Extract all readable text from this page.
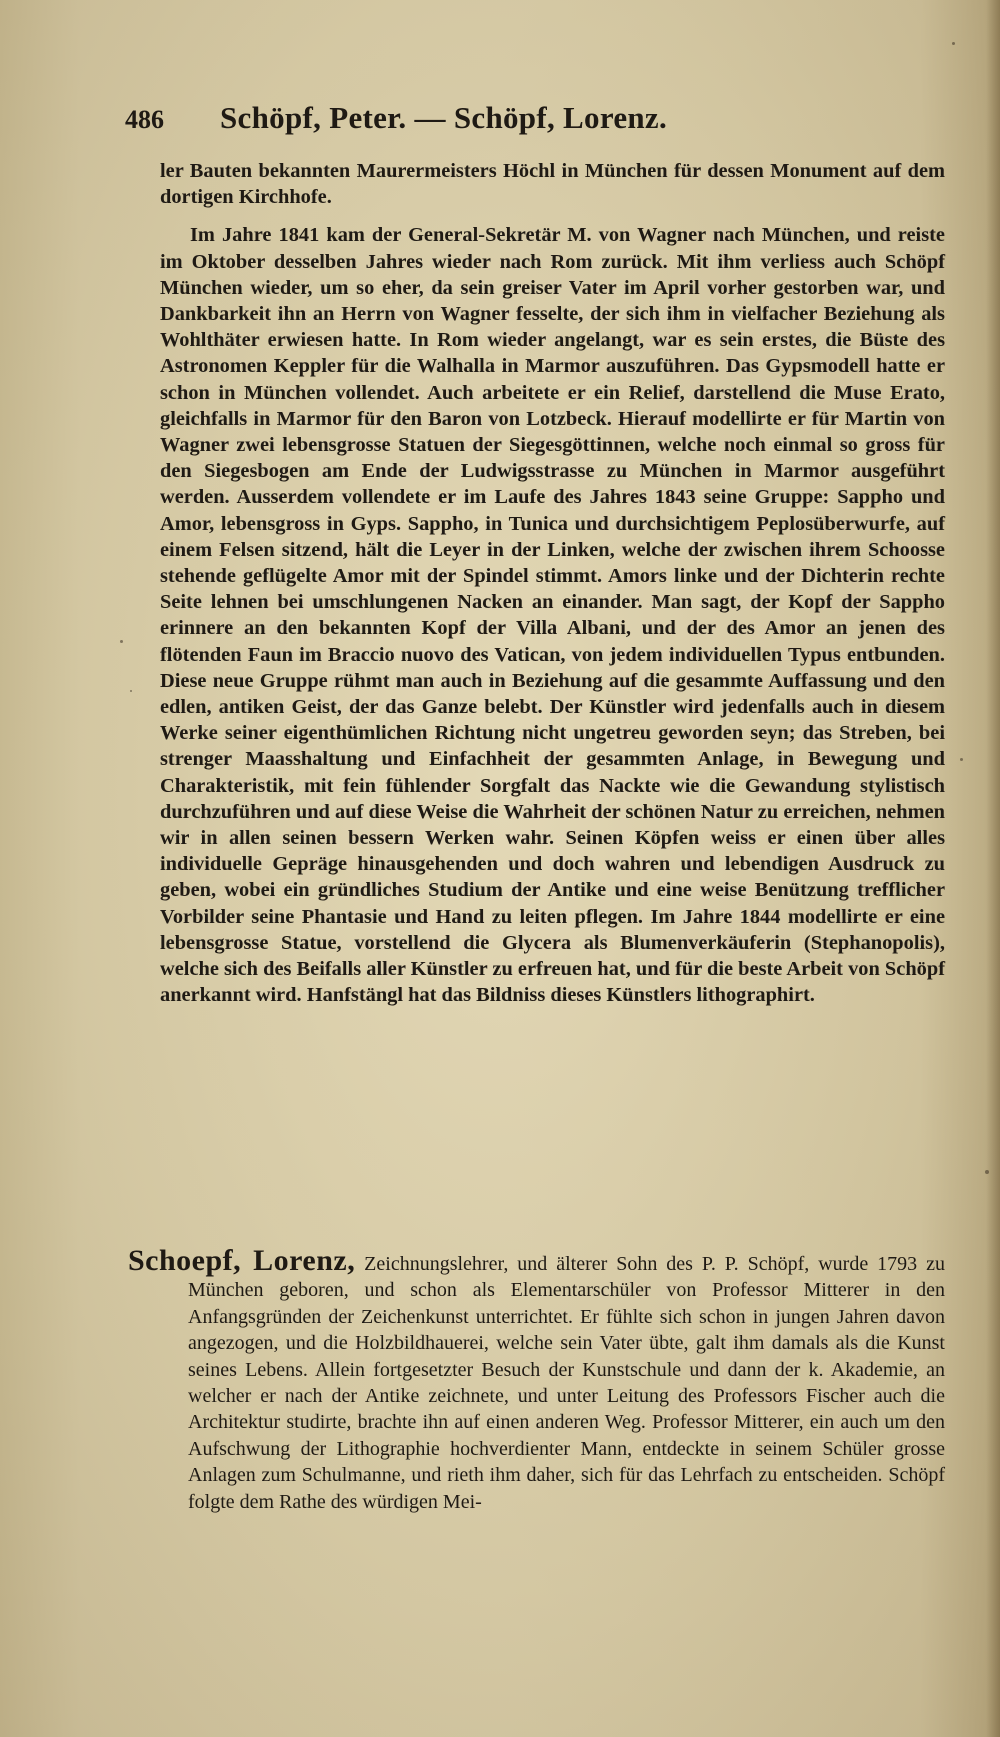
486 Schöpf, Peter. — Schöpf, Lorenz.

ler Bauten bekannten Maurermeisters Höchl in München für dessen Monument auf dem dortigen Kirchhofe.

Im Jahre 1841 kam der General-Sekretär M. von Wagner nach München, und reiste im Oktober desselben Jahres wieder nach Rom zurück. Mit ihm verliess auch Schöpf München wieder, um so eher, da sein greiser Vater im April vorher gestorben war, und Dankbarkeit ihn an Herrn von Wagner fesselte, der sich ihm in vielfacher Beziehung als Wohlthäter erwiesen hatte. In Rom wieder angelangt, war es sein erstes, die Büste des Astronomen Keppler für die Walhalla in Marmor auszuführen. Das Gypsmodell hatte er schon in München vollendet. Auch arbeitete er ein Relief, darstellend die Muse Erato, gleichfalls in Marmor für den Baron von Lotzbeck. Hierauf modellirte er für Martin von Wagner zwei lebensgrosse Statuen der Siegesgöttinnen, welche noch einmal so gross für den Siegesbogen am Ende der Ludwigsstrasse zu München in Marmor ausgeführt werden. Ausserdem vollendete er im Laufe des Jahres 1843 seine Gruppe: Sappho und Amor, lebensgross in Gyps. Sappho, in Tunica und durchsichtigem Peplosüberwurfe, auf einem Felsen sitzend, hält die Leyer in der Linken, welche der zwischen ihrem Schoosse stehende geflügelte Amor mit der Spindel stimmt. Amors linke und der Dichterin rechte Seite lehnen bei umschlungenen Nacken an einander. Man sagt, der Kopf der Sappho erinnere an den bekannten Kopf der Villa Albani, und der des Amor an jenen des flötenden Faun im Braccio nuovo des Vatican, von jedem individuellen Typus entbunden. Diese neue Gruppe rühmt man auch in Beziehung auf die gesammte Auffassung und den edlen, antiken Geist, der das Ganze belebt. Der Künstler wird jedenfalls auch in diesem Werke seiner eigenthümlichen Richtung nicht ungetreu geworden seyn; das Streben, bei strenger Maasshaltung und Einfachheit der gesammten Anlage, in Bewegung und Charakteristik, mit fein fühlender Sorgfalt das Nackte wie die Gewandung stylistisch durchzuführen und auf diese Weise die Wahrheit der schönen Natur zu erreichen, nehmen wir in allen seinen bessern Werken wahr. Seinen Köpfen weiss er einen über alles individuelle Gepräge hinausgehenden und doch wahren und lebendigen Ausdruck zu geben, wobei ein gründliches Studium der Antike und eine weise Benützung trefflicher Vorbilder seine Phantasie und Hand zu leiten pflegen. Im Jahre 1844 modellirte er eine lebensgrosse Statue, vorstellend die Glycera als Blumenverkäuferin (Stephanopolis), welche sich des Beifalls aller Künstler zu erfreuen hat, und für die beste Arbeit von Schöpf anerkannt wird. Hanfstängl hat das Bildniss dieses Künstlers lithographirt.

Schoepf, Lorenz, Zeichnungslehrer, und älterer Sohn des P. P. Schöpf, wurde 1793 zu München geboren, und schon als Elementarschüler von Professor Mitterer in den Anfangsgründen der Zeichenkunst unterrichtet. Er fühlte sich schon in jungen Jahren davon angezogen, und die Holzbildhauerei, welche sein Vater übte, galt ihm damals als die Kunst seines Lebens. Allein fortgesetzter Besuch der Kunstschule und dann der k. Akademie, an welcher er nach der Antike zeichnete, und unter Leitung des Professors Fischer auch die Architektur studirte, brachte ihn auf einen anderen Weg. Professor Mitterer, ein auch um den Aufschwung der Lithographie hochverdienter Mann, entdeckte in seinem Schüler grosse Anlagen zum Schulmanne, und rieth ihm daher, sich für das Lehrfach zu entscheiden. Schöpf folgte dem Rathe des würdigen Mei-
